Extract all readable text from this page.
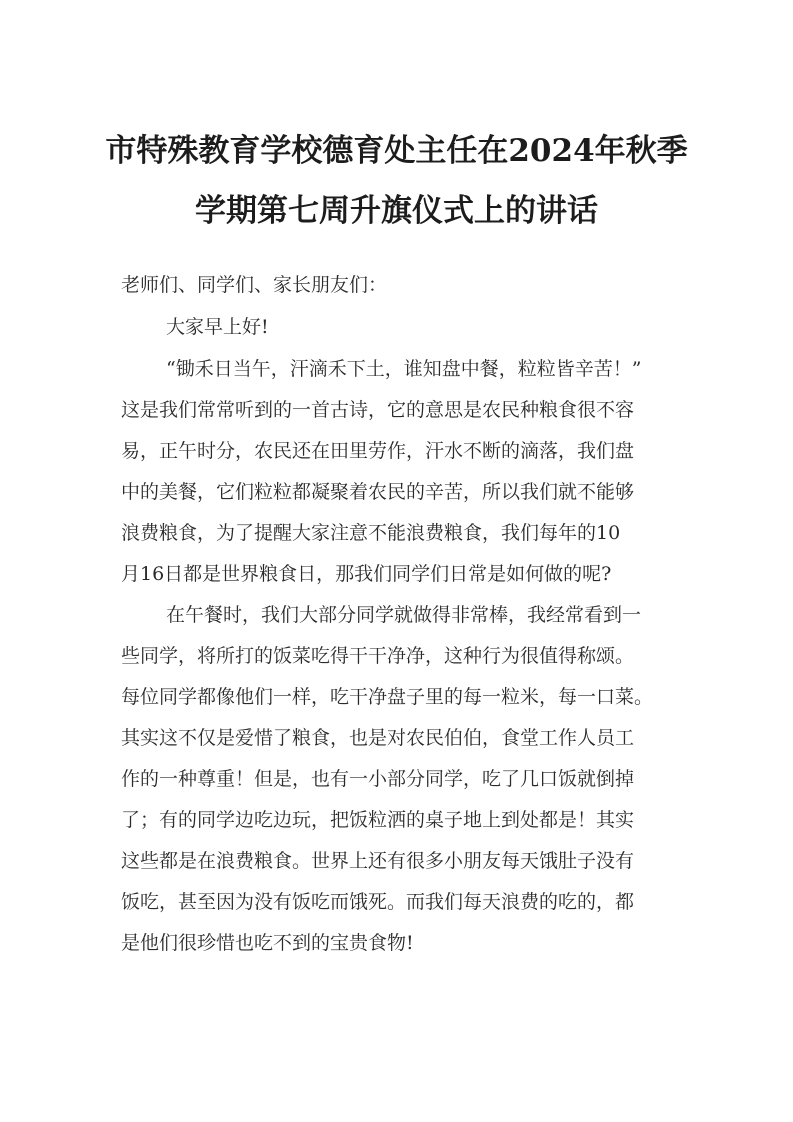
市特殊教育学校德育处主任在2024年秋季
学期第七周升旗仪式上的讲话
老师们、同学们、家长朋友们：
大家早上好!
“锄禾日当午，汗滴禾下土，谁知盘中餐，粒粒皆辛苦！”
这是我们常常听到的一首古诗，它的意思是农民种粮食很不容
易，正午时分，农民还在田里劳作，汗水不断的滴落，我们盘
中的美餐，它们粒粒都凝聚着农民的辛苦，所以我们就不能够
浪费粮食，为了提醒大家注意不能浪费粮食，我们每年的10
月16日都是世界粮食日，那我们同学们日常是如何做的呢?
在午餐时，我们大部分同学就做得非常棒，我经常看到一
些同学，将所打的饭菜吃得干干净净，这种行为很值得称颂。
每位同学都像他们一样，吃干净盘子里的每一粒米，每一口菜。
其实这不仅是爱惜了粮食，也是对农民伯伯，食堂工作人员工
作的一种尊重！但是，也有一小部分同学，吃了几口饭就倒掉
了；有的同学边吃边玩，把饭粒洒的桌子地上到处都是！其实
这些都是在浪费粮食。世界上还有很多小朋友每天饿肚子没有
饭吃，甚至因为没有饭吃而饿死。而我们每天浪费的吃的，都
是他们很珍惜也吃不到的宝贵食物!
